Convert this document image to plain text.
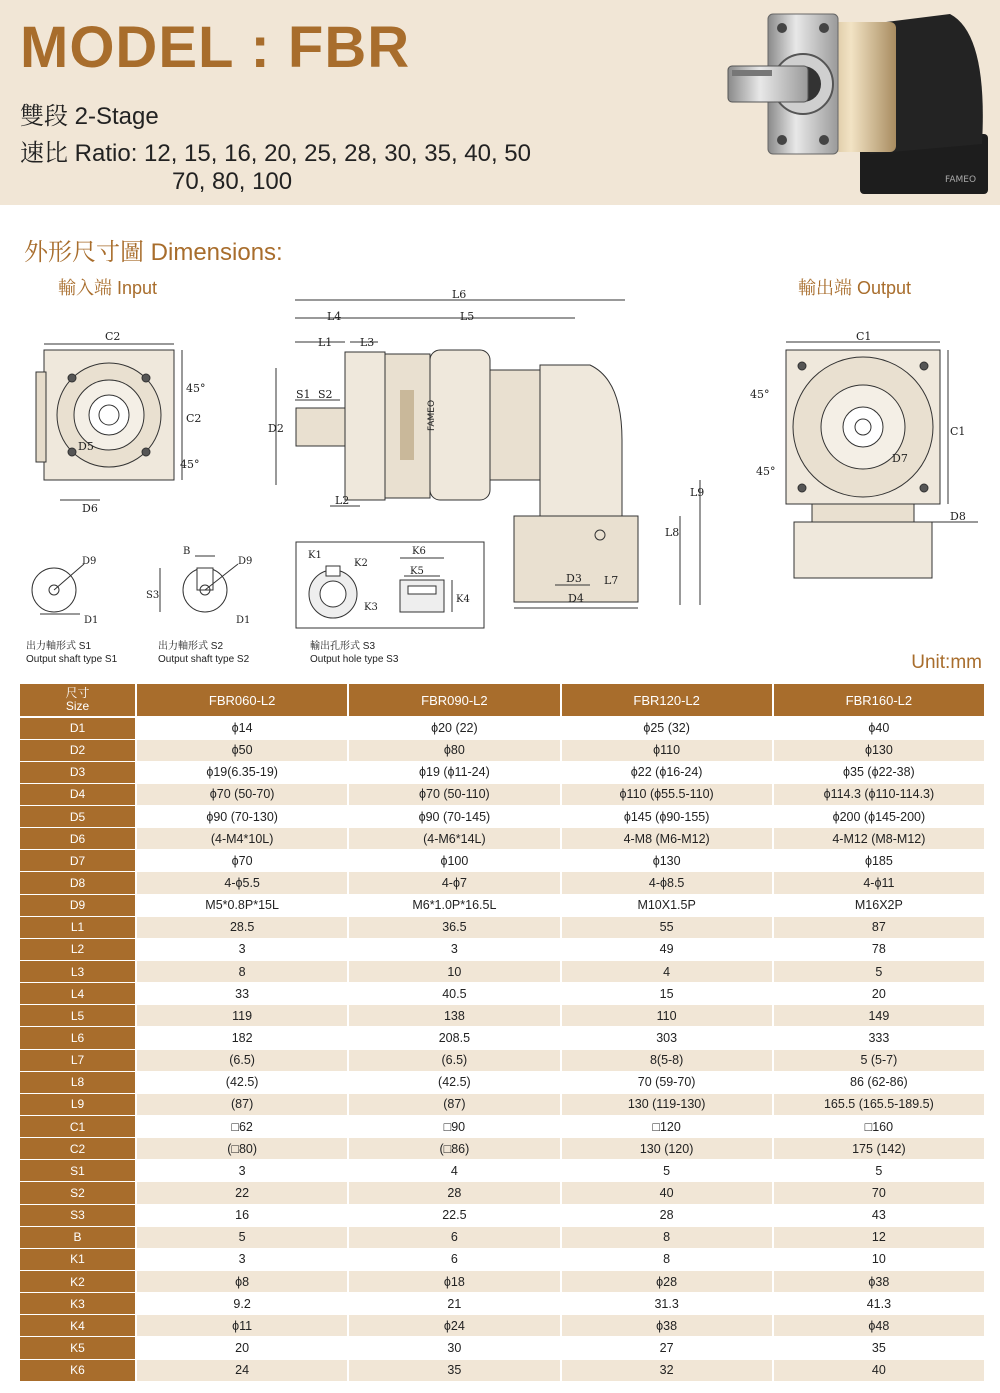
MODEL : FBR
雙段 2-Stage
速比 Ratio: 12, 15, 16, 20, 25, 28, 30, 35, 40, 50
70, 80, 100	FAMEO
外形尺寸圖 Dimensions:
輸入端 Input	輸出端 Output
C2
C2
45°
45°
D5
D6
FAMEO
L6
L4	L5
L1	L3
S1 S2
D2
L2
L9
L8
L7
D3
D4
C1
C1
45°
45°
D7
D8
D9
D1
B
D9
S3
D1
K1
K2
K3
K4
K5
K6
出力軸形式 S1
Output shaft type S1
出力軸形式 S2
Output shaft type S2
輸出孔形式 S3
Output hole type S3	Unit:mm
尺寸
Size	FBR060-L2	FBR090-L2	FBR120-L2	FBR160-L2
D1	ϕ14	ϕ20 (22)	ϕ25 (32)	ϕ40
D2	ϕ50	ϕ80	ϕ110	ϕ130
D3	ϕ19(6.35-19)	ϕ19 (ϕ11-24)	ϕ22 (ϕ16-24)	ϕ35 (ϕ22-38)
D4	ϕ70 (50-70)	ϕ70 (50-110)	ϕ110 (ϕ55.5-110)	ϕ114.3 (ϕ110-114.3)
D5	ϕ90 (70-130)	ϕ90 (70-145)	ϕ145 (ϕ90-155)	ϕ200 (ϕ145-200)
D6	(4-M4*10L)	(4-M6*14L)	4-M8 (M6-M12)	4-M12 (M8-M12)
D7	ϕ70	ϕ100	ϕ130	ϕ185
D8	4-ϕ5.5	4-ϕ7	4-ϕ8.5	4-ϕ11
D9	M5*0.8P*15L	M6*1.0P*16.5L	M10X1.5P	M16X2P
L1	28.5	36.5	55	87
L2	3	3	49	78
L3	8	10	4	5
L4	33	40.5	15	20
L5	119	138	110	149
L6	182	208.5	303	333
L7	(6.5)	(6.5)	8(5-8)	5 (5-7)
L8	(42.5)	(42.5)	70 (59-70)	86 (62-86)
L9	(87)	(87)	130 (119-130)	165.5 (165.5-189.5)
C1	□62	□90	□120	□160
C2	(□80)	(□86)	130 (120)	175 (142)
S1	3	4	5	5
S2	22	28	40	70
S3	16	22.5	28	43
B	5	6	8	12
K1	3	6	8	10
K2	ϕ8	ϕ18	ϕ28	ϕ38
K3	9.2	21	31.3	41.3
K4	ϕ11	ϕ24	ϕ38	ϕ48
K5	20	30	27	35
K6	24	35	32	40
